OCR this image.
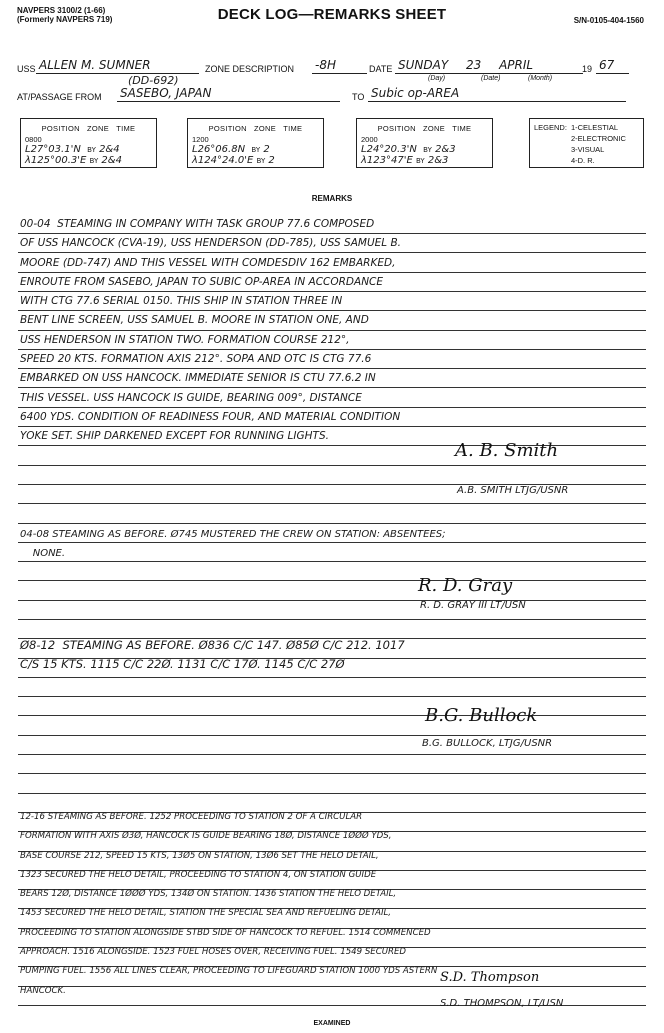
NAVPERS 3100/2 (1-66)
(Formerly NAVPERS 719)	DECK LOG—REMARKS SHEET	S/N-0105-404-1560
USS ALLEN M. SUMNER
(DD-692)
ZONE DESCRIPTION -8H	DATE SUNDAY 23 APRIL	19 67
(Day)	(Date)	(Month)
AT/PASSAGE FROM SASEBO, JAPAN	TO Subic op-AREA
POSITION ZONE TIME
0800
L27°03.1'N BY 2&4
λ125°00.3'E BY 2&4
POSITION ZONE TIME
1200
L26°06.8N BY 2
λ124°24.0'E BY 2
POSITION ZONE TIME
2000
L24°20.3'N BY 2&3
λ123°47'E BY 2&3
LEGEND: 1-CELESTIAL
2-ELECTRONIC
3-VISUAL
4-D. R.
REMARKS
00-04  STEAMING IN COMPANY WITH TASK GROUP 77.6 COMPOSED
OF USS HANCOCK (CVA-19), USS HENDERSON (DD-785), USS SAMUEL B.
MOORE (DD-747) AND THIS VESSEL WITH COMDESDIV 162 EMBARKED,
ENROUTE FROM SASEBO, JAPAN TO SUBIC OP-AREA IN ACCORDANCE
WITH CTG 77.6 SERIAL 0150. THIS SHIP IN STATION THREE IN
BENT LINE SCREEN, USS SAMUEL B. MOORE IN STATION ONE, AND
USS HENDERSON IN STATION TWO. FORMATION COURSE 212°,
SPEED 20 KTS. FORMATION AXIS 212°. SOPA AND OTC IS CTG 77.6
EMBARKED ON USS HANCOCK. IMMEDIATE SENIOR IS CTU 77.6.2 IN
THIS VESSEL. USS HANCOCK IS GUIDE, BEARING 009°, DISTANCE
6400 YDS. CONDITION OF READINESS FOUR, AND MATERIAL CONDITION
YOKE SET. SHIP DARKENED EXCEPT FOR RUNNING LIGHTS.
A. B. Smith
A.B. SMITH LTJG/USNR
04-08 STEAMING AS BEFORE. Ø745 MUSTERED THE CREW ON STATION: ABSENTEES;
NONE.
R. D. Gray
R. D. GRAY III LT/USN
Ø8-12  STEAMING AS BEFORE. Ø836 C/C 147. Ø85Ø C/C 212. 1017
C/S 15 KTS. 1115 C/C 22Ø. 1131 C/C 17Ø. 1145 C/C 27Ø
B.G. Bullock
B.G. BULLOCK, LTJG/USNR
12-16 STEAMING AS BEFORE. 1252 PROCEEDING TO STATION 2 OF A CIRCULAR
FORMATION WITH AXIS Ø3Ø, HANCOCK IS GUIDE BEARING 18Ø, DISTANCE 1ØØØ YDS,
BASE COURSE 212, SPEED 15 KTS, 13Ø5 ON STATION, 13Ø6 SET THE HELO DETAIL,
1323 SECURED THE HELO DETAIL, PROCEEDING TO STATION 4, ON STATION GUIDE
BEARS 12Ø, DISTANCE 1ØØØ YDS, 134Ø ON STATION. 1436 STATION THE HELO DETAIL,
1453 SECURED THE HELO DETAIL, STATION THE SPECIAL SEA AND REFUELING DETAIL,
PROCEEDING TO STATION ALONGSIDE STBD SIDE OF HANCOCK TO REFUEL. 1514 COMMENCED
APPROACH. 1516 ALONGSIDE. 1523 FUEL HOSES OVER, RECEIVING FUEL. 1549 SECURED
PUMPING FUEL. 1556 ALL LINES CLEAR, PROCEEDING TO LIFEGUARD STATION 1000 YDS ASTERN
HANCOCK.
S.D. Thompson
S.D. THOMPSON, LT/USN
EXAMINED
